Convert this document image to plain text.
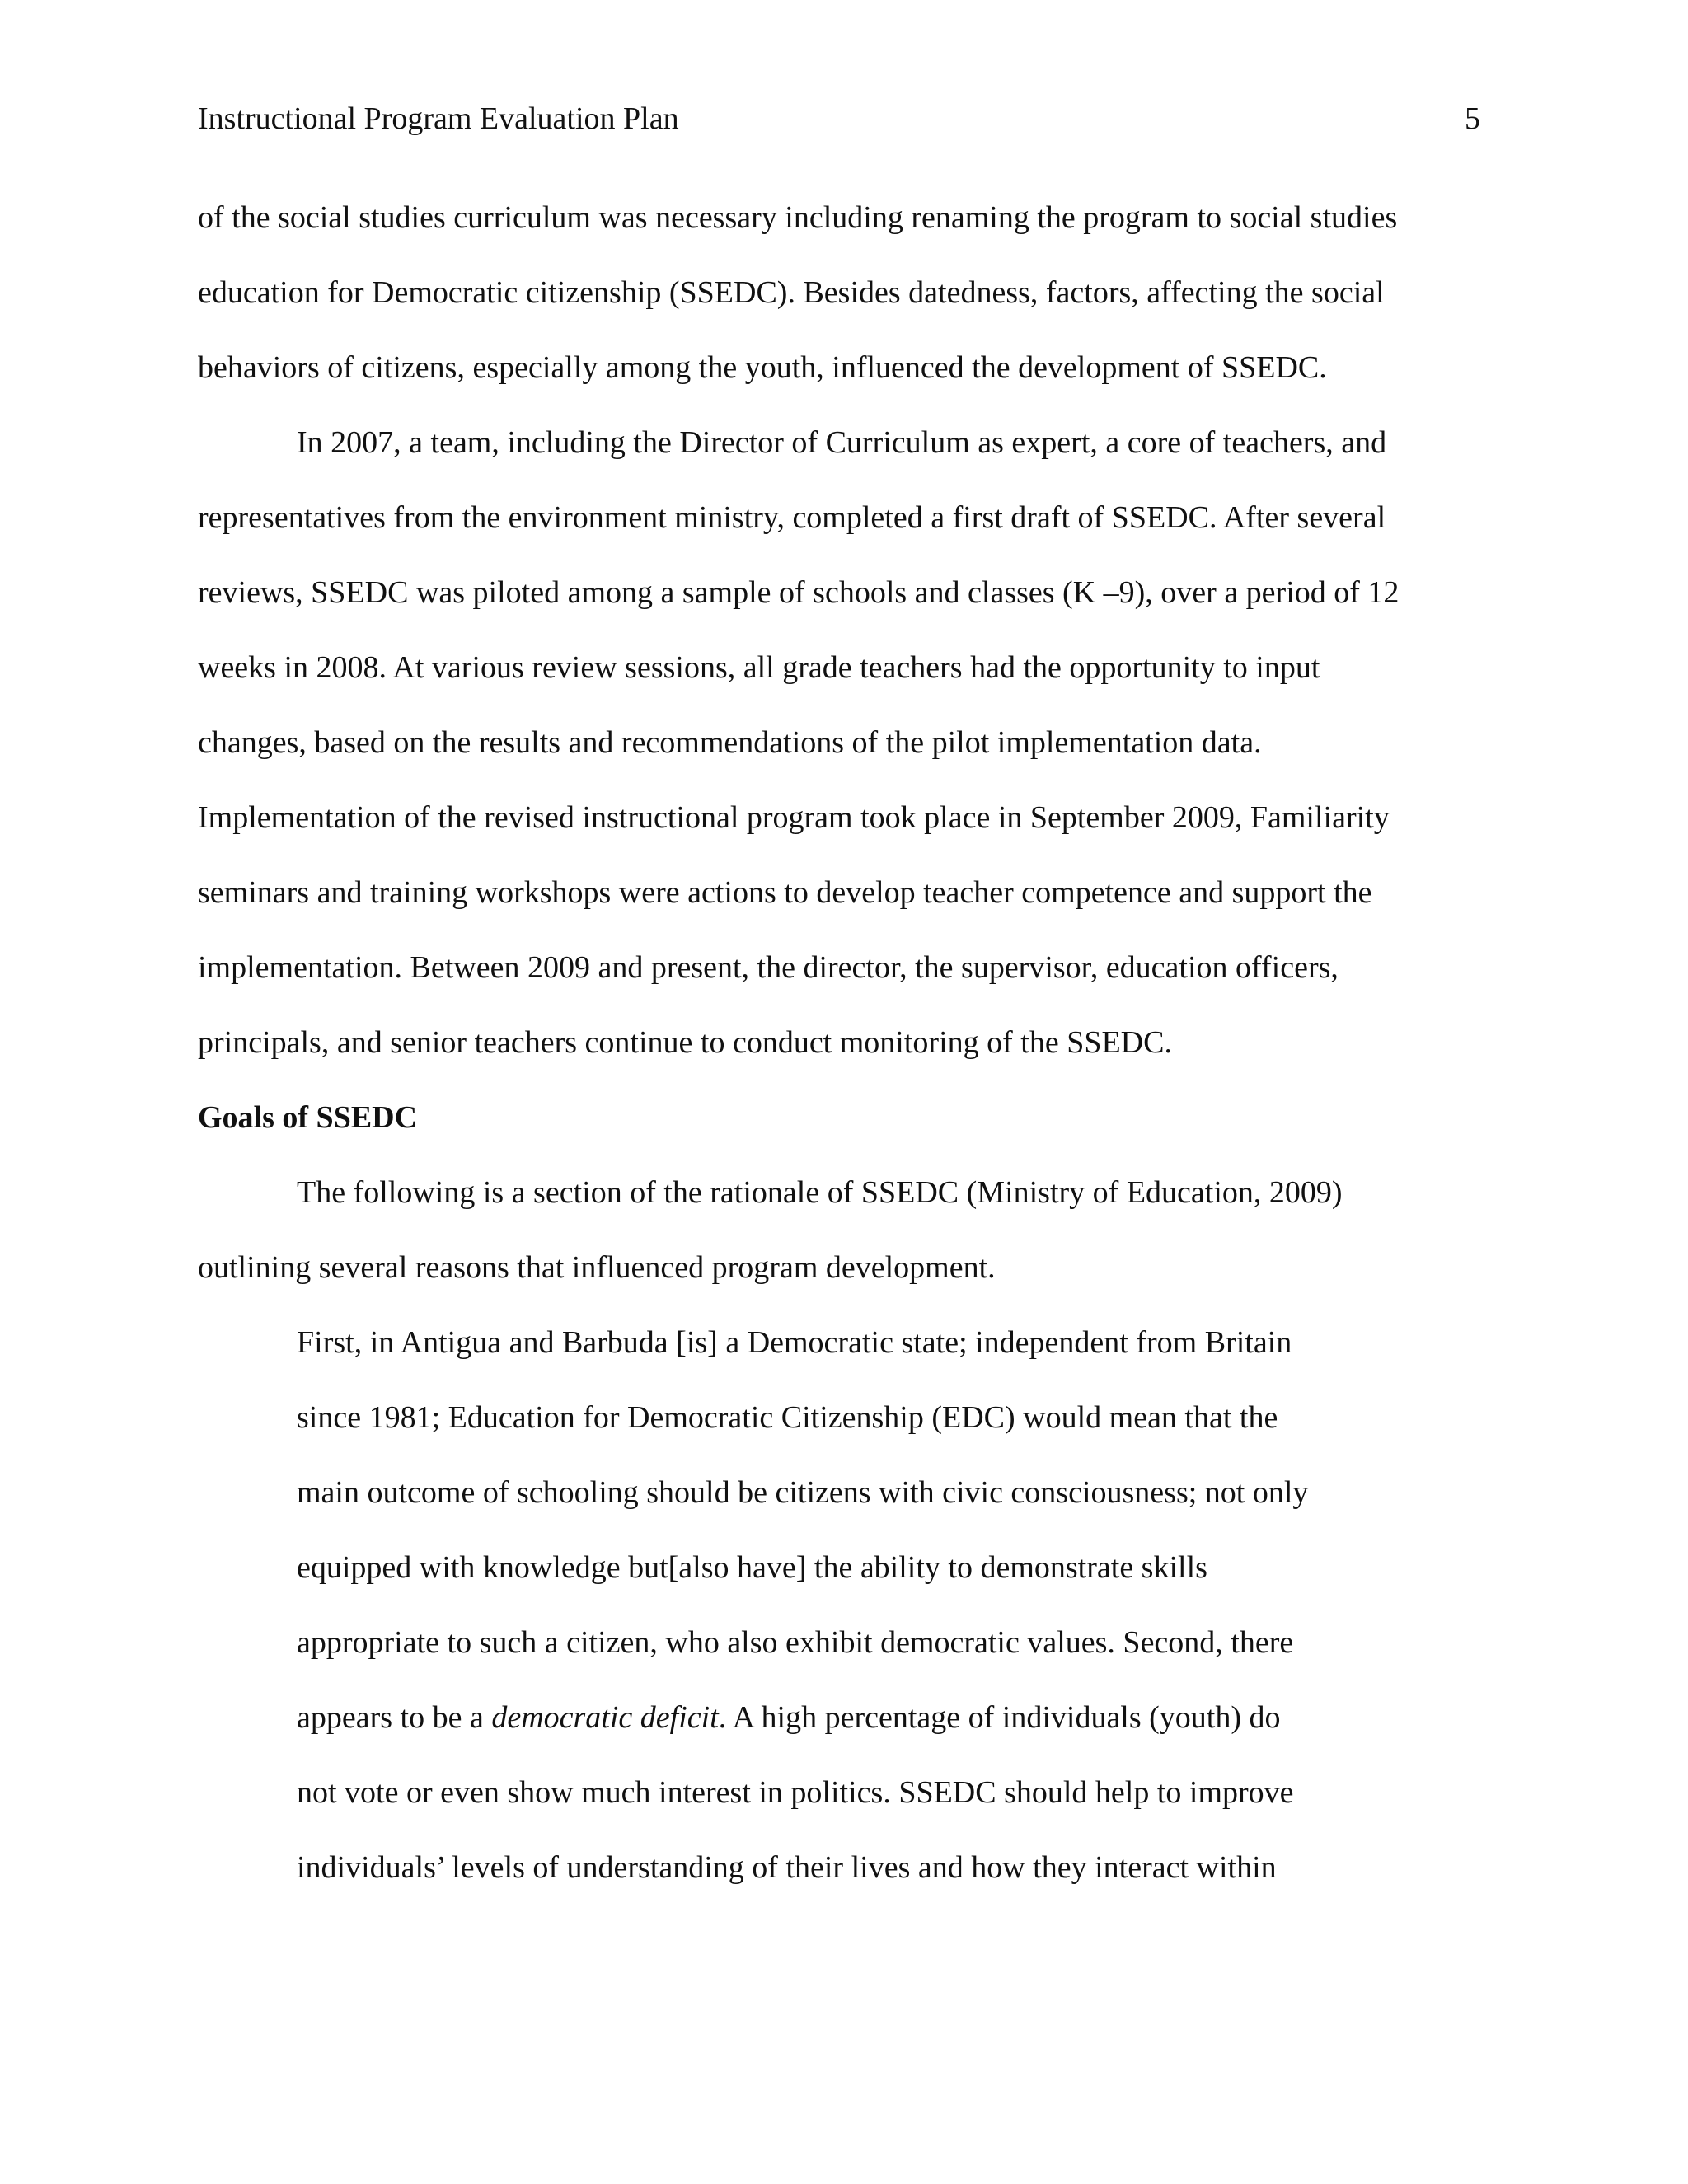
Instructional Program Evaluation Plan	5
of the social studies curriculum was necessary including renaming the program to social studies
education for Democratic citizenship (SSEDC). Besides datedness, factors, affecting the social
behaviors of citizens, especially among the youth, influenced the development of SSEDC.
In 2007, a team, including the Director of Curriculum as expert, a core of teachers, and
representatives from the environment ministry, completed a first draft of SSEDC. After several
reviews, SSEDC was piloted among a sample of schools and classes (K –9), over a period of 12
weeks in 2008. At various review sessions, all grade teachers had the opportunity to input
changes, based on the results and recommendations of the pilot implementation data.
Implementation of the revised instructional program took place in September 2009, Familiarity
seminars and training workshops were actions to develop teacher competence and support the
implementation. Between 2009 and present, the director, the supervisor, education officers,
principals, and senior teachers continue to conduct monitoring of the SSEDC.
Goals of SSEDC
The following is a section of the rationale of SSEDC (Ministry of Education, 2009)
outlining several reasons that influenced program development.
First, in Antigua and Barbuda [is] a Democratic state; independent from Britain
since 1981; Education for Democratic Citizenship (EDC) would mean that the
main outcome of schooling should be citizens with civic consciousness; not only
equipped with knowledge but[also have] the ability to demonstrate skills
appropriate to such a citizen, who also exhibit democratic values. Second, there
appears to be a democratic deficit. A high percentage of individuals (youth) do
not vote or even show much interest in politics. SSEDC should help to improve
individuals’ levels of understanding of their lives and how they interact within
